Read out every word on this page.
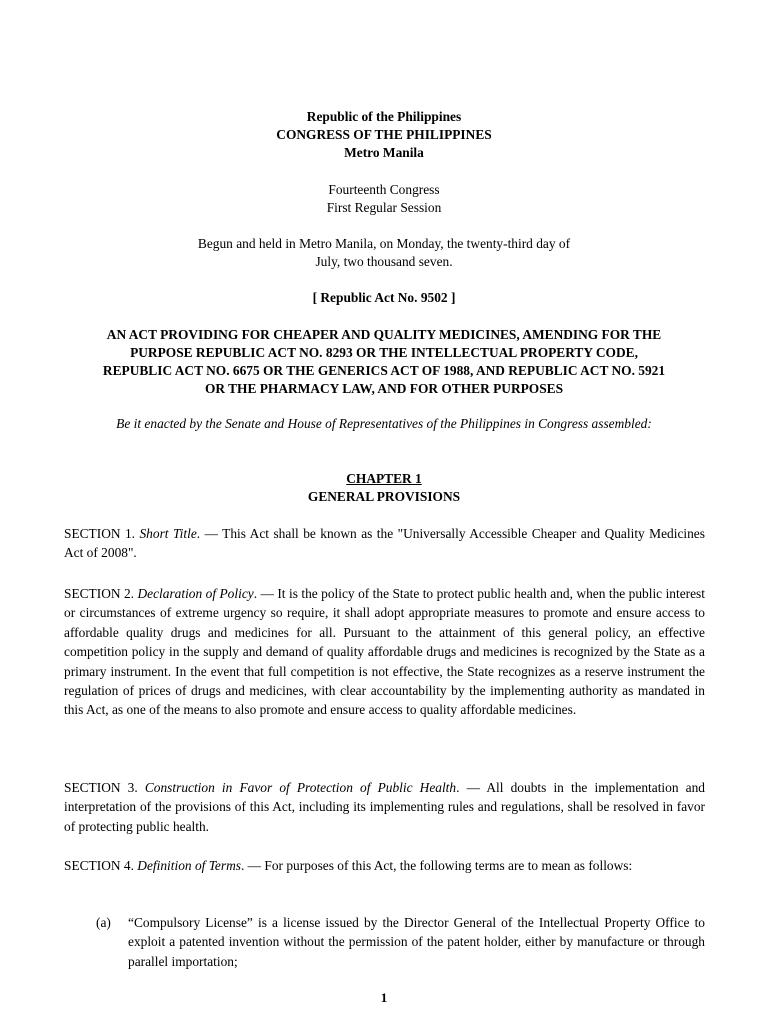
Republic of the Philippines
CONGRESS OF THE PHILIPPINES
Metro Manila
Fourteenth Congress
First Regular Session
Begun and held in Metro Manila, on Monday, the twenty-third day of
July, two thousand seven.
[ Republic Act No. 9502 ]
AN ACT PROVIDING FOR CHEAPER AND QUALITY MEDICINES, AMENDING FOR THE
PURPOSE REPUBLIC ACT NO. 8293 OR THE INTELLECTUAL PROPERTY CODE,
REPUBLIC ACT NO. 6675 OR THE GENERICS ACT OF 1988, AND REPUBLIC ACT NO. 5921
OR THE PHARMACY LAW, AND FOR OTHER PURPOSES
Be it enacted by the Senate and House of Representatives of the Philippines in Congress assembled:
CHAPTER 1
GENERAL PROVISIONS
SECTION 1. Short Title. — This Act shall be known as the "Universally Accessible Cheaper and Quality Medicines Act of 2008".
SECTION 2. Declaration of Policy. — It is the policy of the State to protect public health and, when the public interest or circumstances of extreme urgency so require, it shall adopt appropriate measures to promote and ensure access to affordable quality drugs and medicines for all. Pursuant to the attainment of this general policy, an effective competition policy in the supply and demand of quality affordable drugs and medicines is recognized by the State as a primary instrument. In the event that full competition is not effective, the State recognizes as a reserve instrument the regulation of prices of drugs and medicines, with clear accountability by the implementing authority as mandated in this Act, as one of the means to also promote and ensure access to quality affordable medicines.
SECTION 3. Construction in Favor of Protection of Public Health. — All doubts in the implementation and interpretation of the provisions of this Act, including its implementing rules and regulations, shall be resolved in favor of protecting public health.
SECTION 4. Definition of Terms. — For purposes of this Act, the following terms are to mean as follows:
(a) “Compulsory License” is a license issued by the Director General of the Intellectual Property Office to exploit a patented invention without the permission of the patent holder, either by manufacture or through parallel importation;
1
